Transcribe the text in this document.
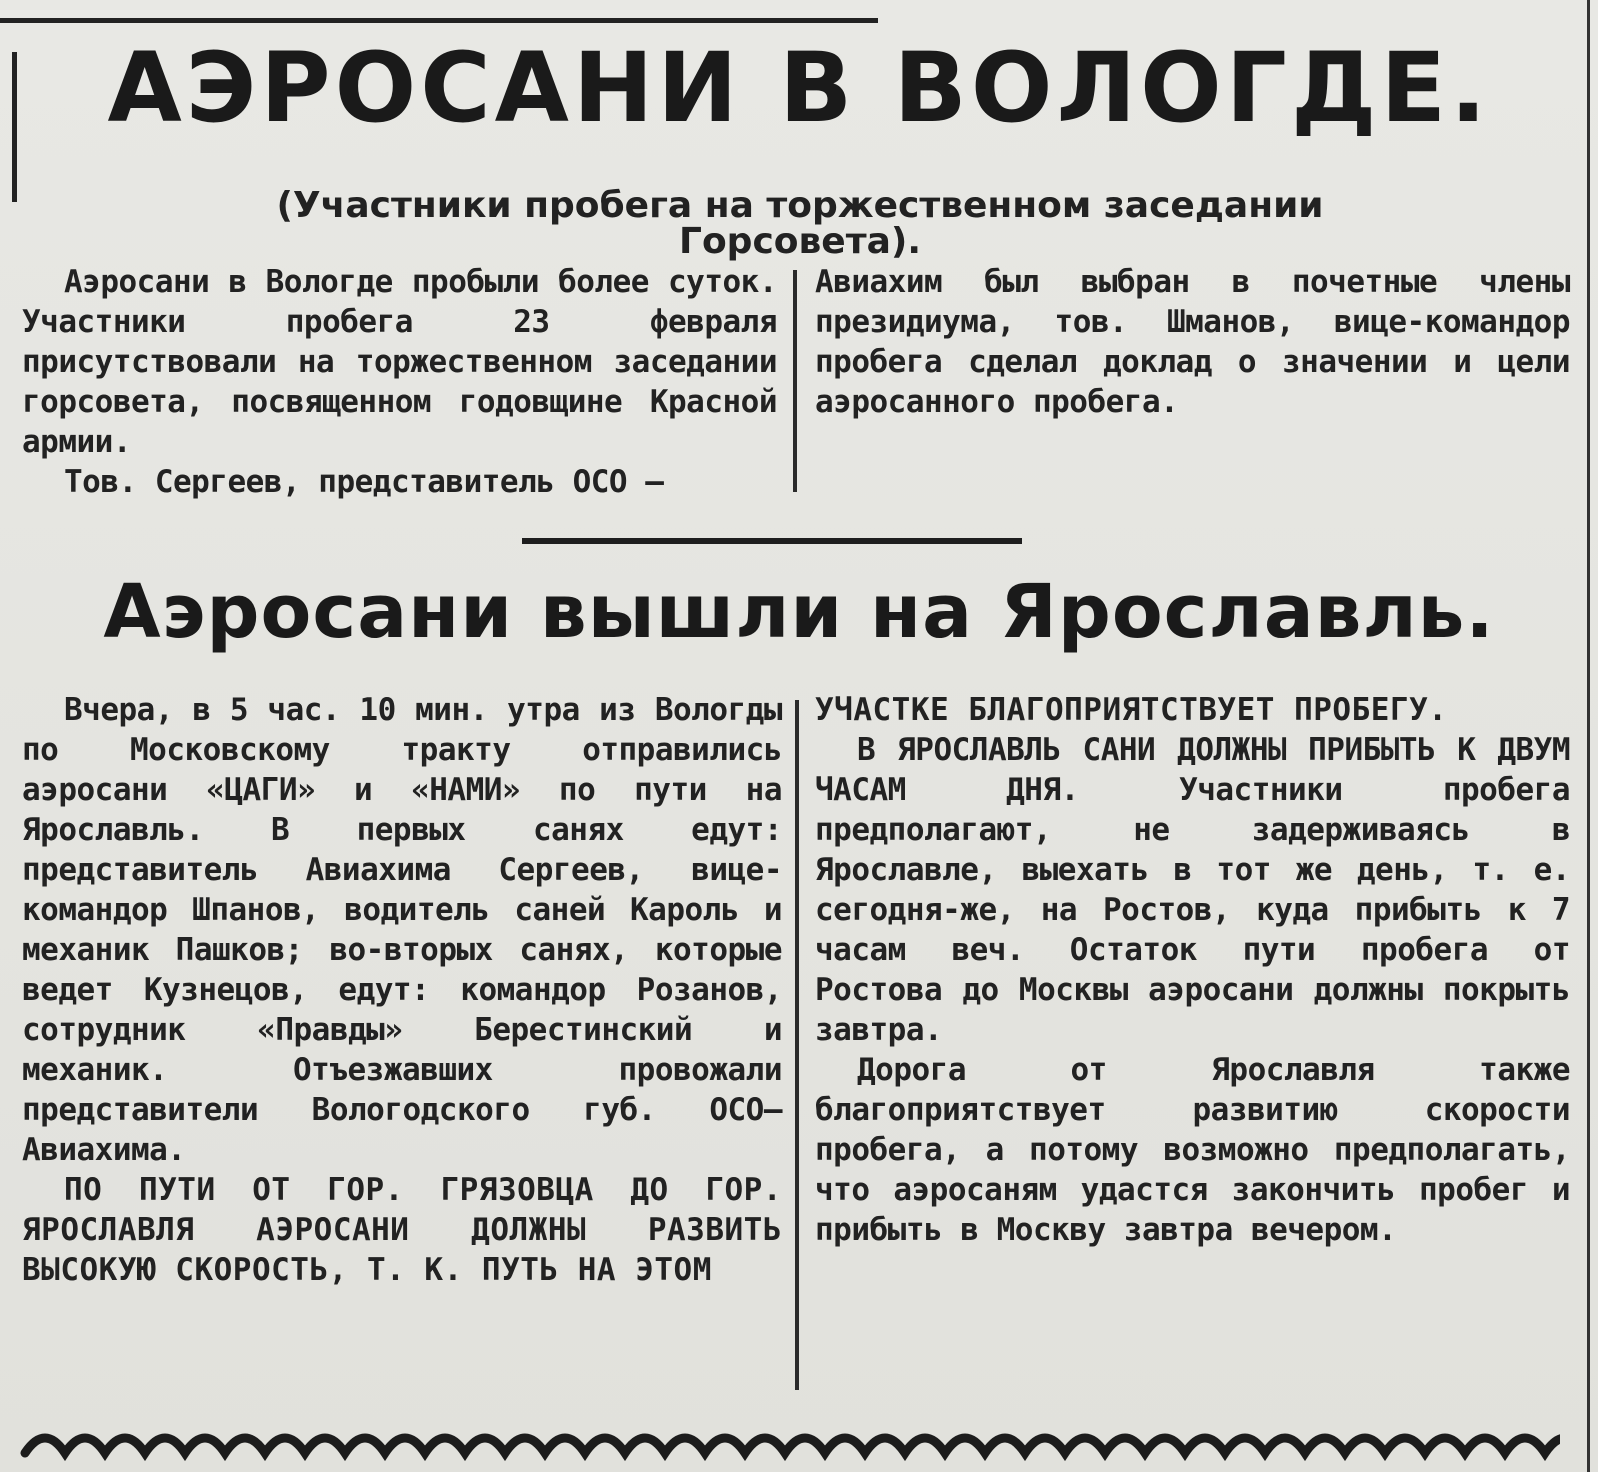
АЭРОСАНИ В ВОЛОГДЕ.
(Участники пробега на торжественном заседании Горсовета).

Аэросани в Вологде пробыли более суток. Участники пробега 23 февраля присутствовали на торжественном заседании горсовета, посвященном годовщине Красной армии.

Тов. Сергеев, представитель ОСО —

Авиахим был выбран в почетные члены президиума, тов. Шманов, вице-командор пробега сделал доклад о значении и цели аэросанного пробега.

Аэросани вышли на Ярославль.

Вчера, в 5 час. 10 мин. утра из Вологды по Московскому тракту отправились аэросани «ЦАГИ» и «НАМИ» по пути на Ярославль. В первых санях едут: представитель Авиахима Сергеев, вице-командор Шпанов, водитель саней Кароль и механик Пашков; во-вторых санях, которые ведет Кузнецов, едут: командор Розанов, сотрудник «Правды» Берестинский и механик. Отъезжавших провожали представители Вологодского губ. ОСО—Авиахима.

ПО ПУТИ ОТ ГОР. ГРЯЗОВЦА ДО ГОР. ЯРОСЛАВЛЯ АЭРОСАНИ ДОЛЖНЫ РАЗВИТЬ ВЫСОКУЮ СКОРОСТЬ, Т. К. ПУТЬ НА ЭТОМ

УЧАСТКЕ БЛАГОПРИЯТСТВУЕТ ПРОБЕГУ.

В ЯРОСЛАВЛЬ САНИ ДОЛЖНЫ ПРИБЫТЬ К ДВУМ ЧАСАМ ДНЯ. Участники пробега предполагают, не задерживаясь в Ярославле, выехать в тот же день, т. е. сегодня-же, на Ростов, куда прибыть к 7 часам веч. Остаток пути пробега от Ростова до Москвы аэросани должны покрыть завтра.

Дорога от Ярославля также благоприятствует развитию скорости пробега, а потому возможно предполагать, что аэросаням удастся закончить пробег и прибыть в Москву завтра вечером.
